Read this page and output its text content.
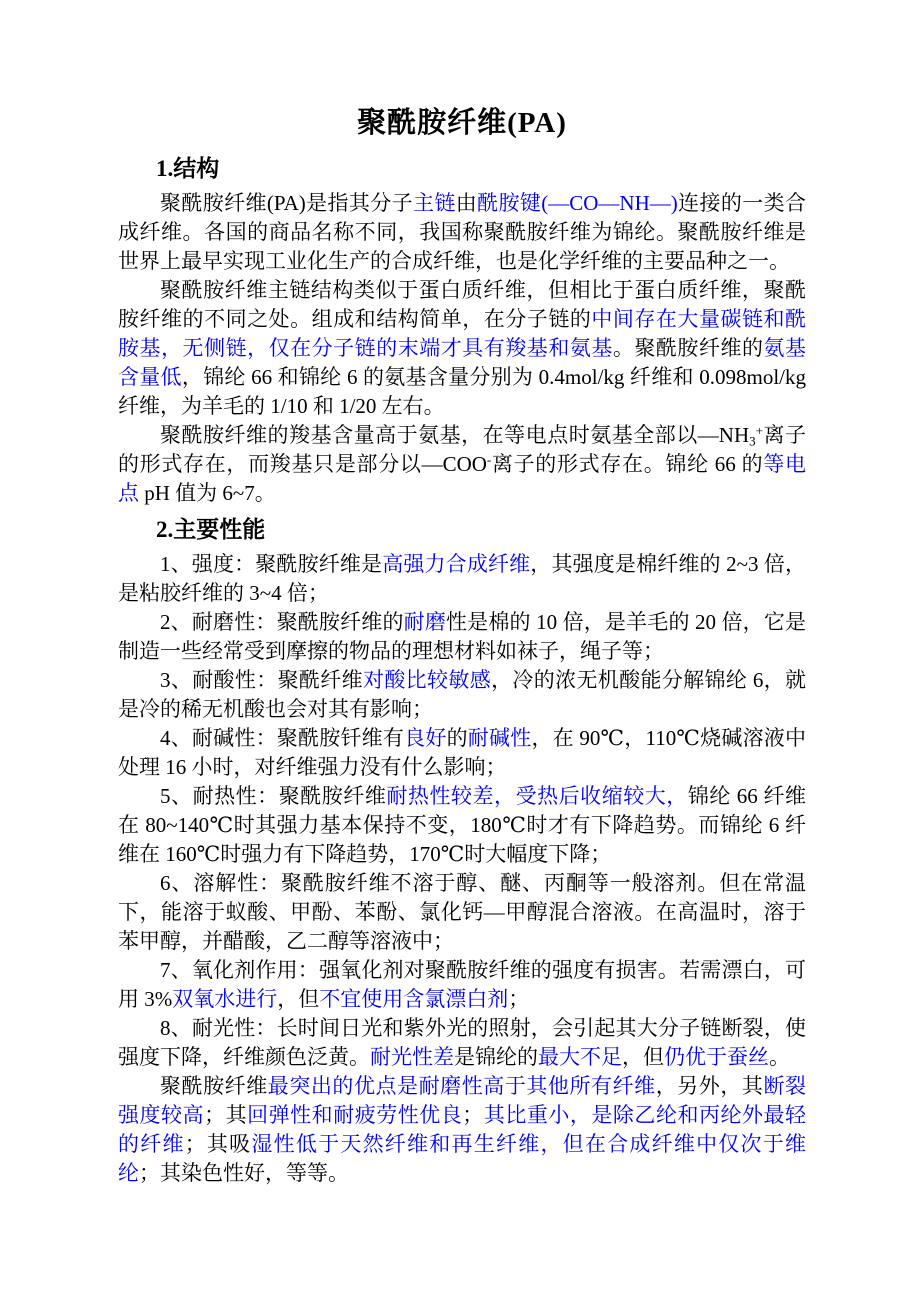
聚酰胺纤维(PA)
1.结构

聚酰胺纤维(PA)是指其分子主链由酰胺键(—CO—NH—)连接的一类合成纤维。各国的商品名称不同，我国称聚酰胺纤维为锦纶。聚酰胺纤维是世界上最早实现工业化生产的合成纤维，也是化学纤维的主要品种之一。

聚酰胺纤维主链结构类似于蛋白质纤维，但相比于蛋白质纤维，聚酰胺纤维的不同之处。组成和结构简单，在分子链的中间存在大量碳链和酰胺基，无侧链，仅在分子链的末端才具有羧基和氨基。聚酰胺纤维的氨基含量低，锦纶 66 和锦纶 6 的氨基含量分别为 0.4mol/kg 纤维和 0.098mol/kg 纤维，为羊毛的 1/10 和 1/20 左右。

聚酰胺纤维的羧基含量高于氨基，在等电点时氨基全部以$—NH_3^+$离子的形式存在，而羧基只是部分以—COO-离子的形式存在。锦纶 66 的等电点 pH 值为 6~7。

2.主要性能

1、强度：聚酰胺纤维是高强力合成纤维，其强度是棉纤维的 2~3 倍，是粘胶纤维的 3~4 倍；

2、耐磨性：聚酰胺纤维的耐磨性是棉的 10 倍，是羊毛的 20 倍，它是制造一些经常受到摩擦的物品的理想材料如袜子，绳子等；

3、耐酸性：聚酰纤维对酸比较敏感，冷的浓无机酸能分解锦纶 6，就是冷的稀无机酸也会对其有影响；

4、耐碱性：聚酰胺钎维有良好的耐碱性，在 90℃，110℃烧碱溶液中处理 16 小时，对纤维强力没有什么影响；

5、耐热性：聚酰胺纤维耐热性较差，受热后收缩较大，锦纶 66 纤维在 80~140℃时其强力基本保持不变，180℃时才有下降趋势。而锦纶 6 纤维在 160℃时强力有下降趋势，170℃时大幅度下降；

6、溶解性：聚酰胺纤维不溶于醇、醚、丙酮等一般溶剂。但在常温下，能溶于蚁酸、甲酚、苯酚、氯化钙—甲醇混合溶液。在高温时，溶于苯甲醇，并醋酸，乙二醇等溶液中；

7、氧化剂作用：强氧化剂对聚酰胺纤维的强度有损害。若需漂白，可用 3%双氧水进行，但不宜使用含氯漂白剂；

8、耐光性：长时间日光和紫外光的照射，会引起其大分子链断裂，使强度下降，纤维颜色泛黄。耐光性差是锦纶的最大不足，但仍优于蚕丝。

聚酰胺纤维最突出的优点是耐磨性高于其他所有纤维，另外，其断裂强度较高；其回弹性和耐疲劳性优良；其比重小，是除乙纶和丙纶外最轻的纤维；其吸湿性低于天然纤维和再生纤维，但在合成纤维中仅次于维纶；其染色性好，等等。
